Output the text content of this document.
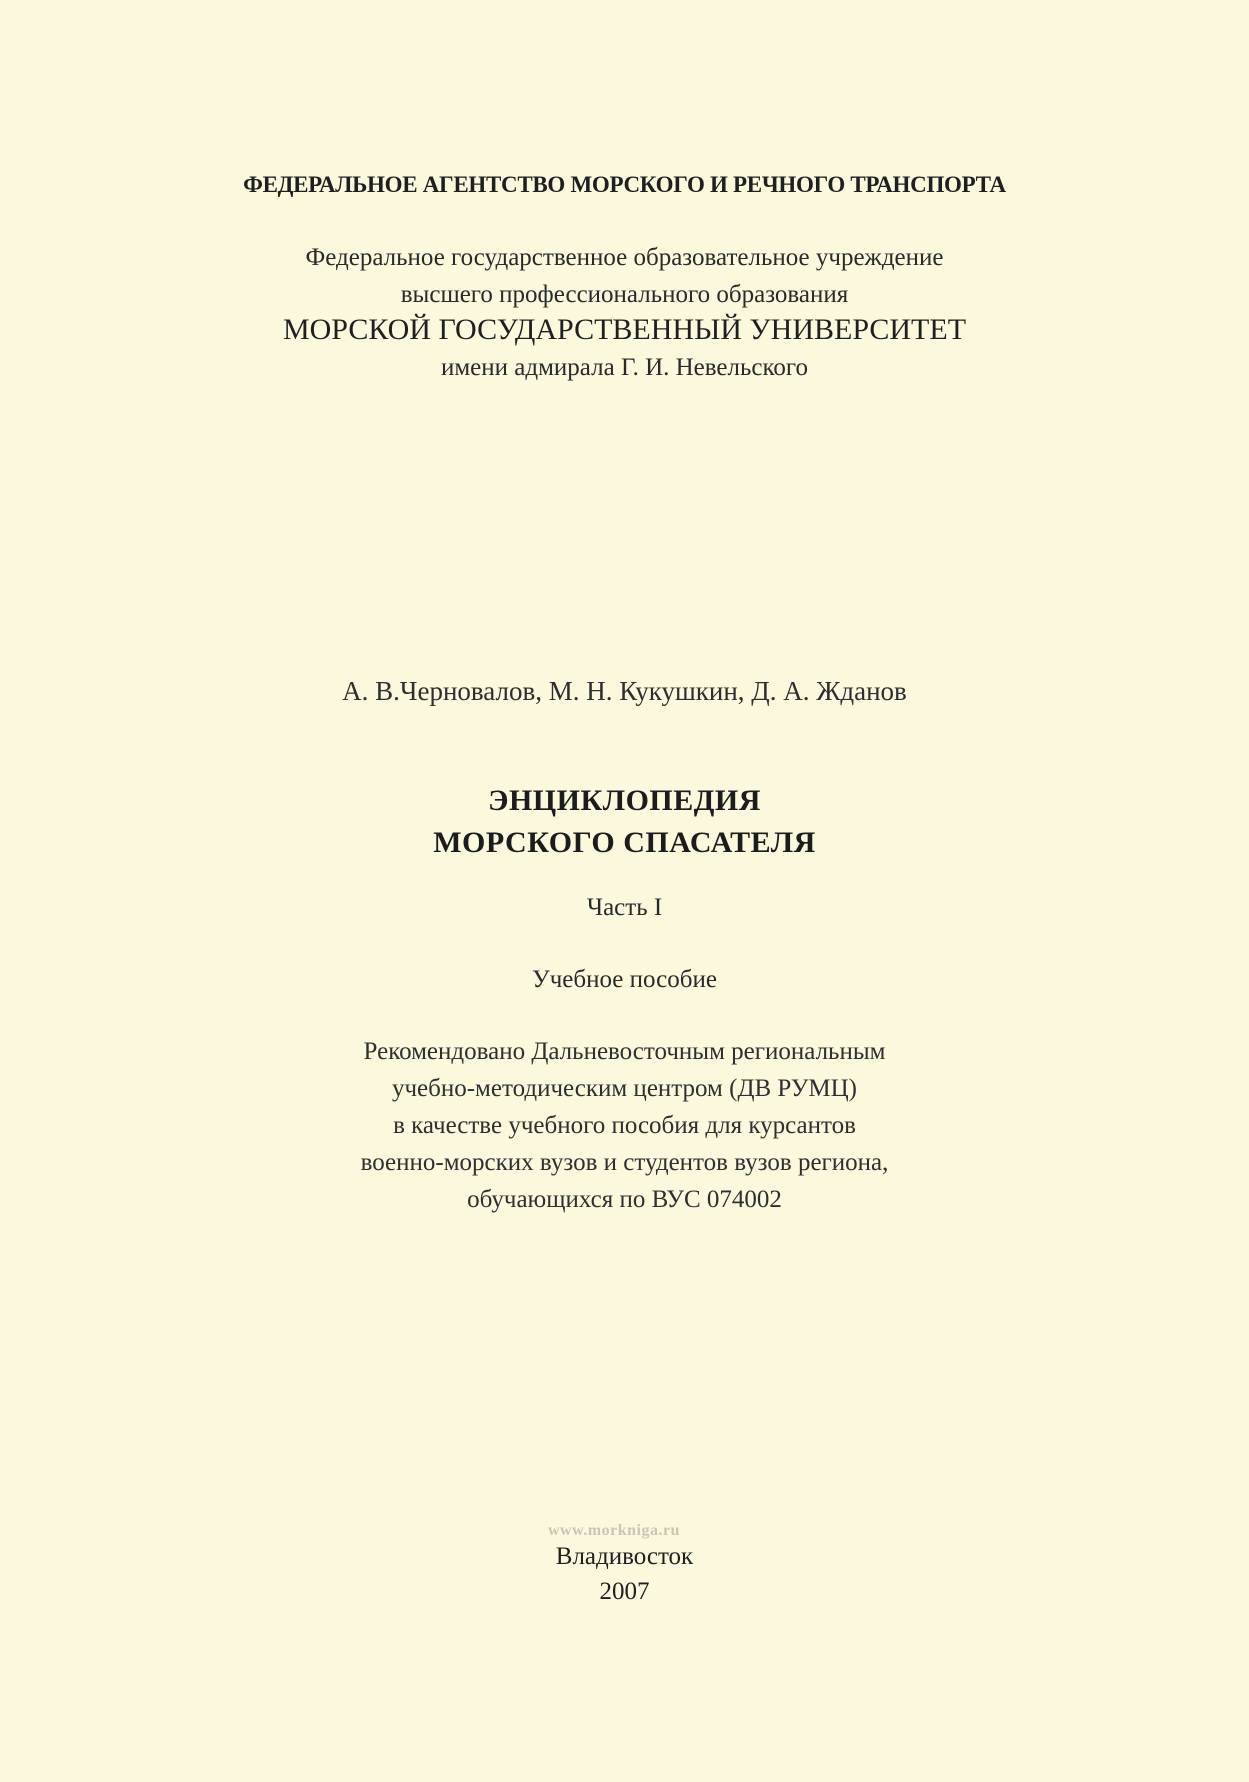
ФЕДЕРАЛЬНОЕ АГЕНТСТВО МОРСКОГО И РЕЧНОГО ТРАНСПОРТА
Федеральное государственное образовательное учреждение
высшего профессионального образования
МОРСКОЙ ГОСУДАРСТВЕННЫЙ УНИВЕРСИТЕТ
имени адмирала Г. И. Невельского
А. В.Черновалов, М. Н. Кукушкин, Д. А. Жданов
ЭНЦИКЛОПЕДИЯ
МОРСКОГО СПАСАТЕЛЯ
Часть I
Учебное пособие
Рекомендовано Дальневосточным региональным
учебно-методическим центром (ДВ РУМЦ)
в качестве учебного пособия для курсантов
военно-морских вузов и студентов вузов региона,
обучающихся по ВУС 074002
www.morkniga.ru
Владивосток
2007
